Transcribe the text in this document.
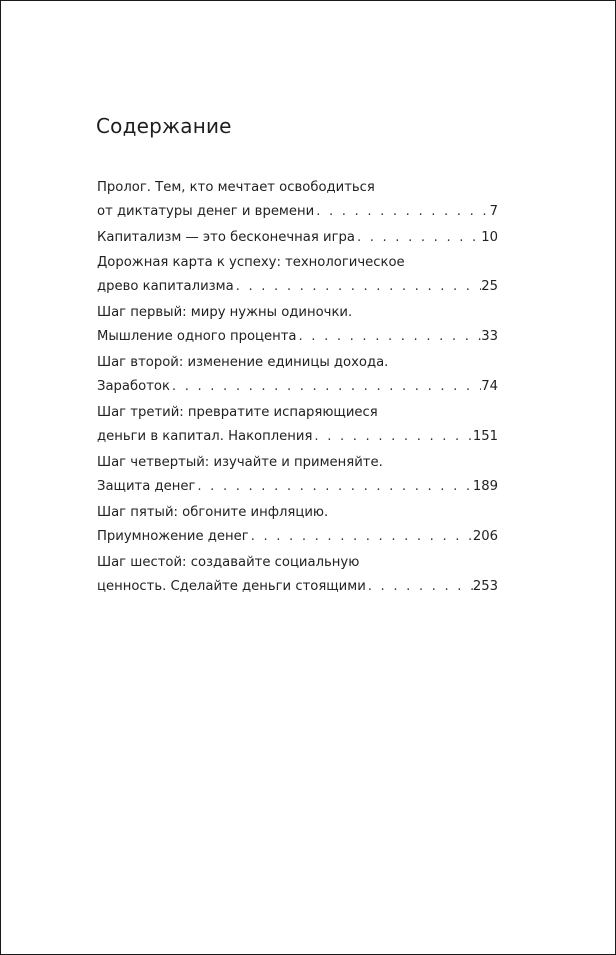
Содержание
Пролог. Тем, кто мечтает освободиться
от диктатуры денег и времени . . .	7
Капитализм — это бесконечная игра . . .	10
Дорожная карта к успеху: технологическое
древо капитализма . . .	25
Шаг первый: миру нужны одиночки.
Мышление одного процента . . .	33
Шаг второй: изменение единицы дохода.
Заработок . . .	74
Шаг третий: превратите испаряющиеся
деньги в капитал. Накопления . . .	151
Шаг четвертый: изучайте и применяйте.
Защита денег . . .	189
Шаг пятый: обгоните инфляцию.
Приумножение денег . . .	206
Шаг шестой: создавайте социальную
ценность. Сделайте деньги стоящими . . .	253
